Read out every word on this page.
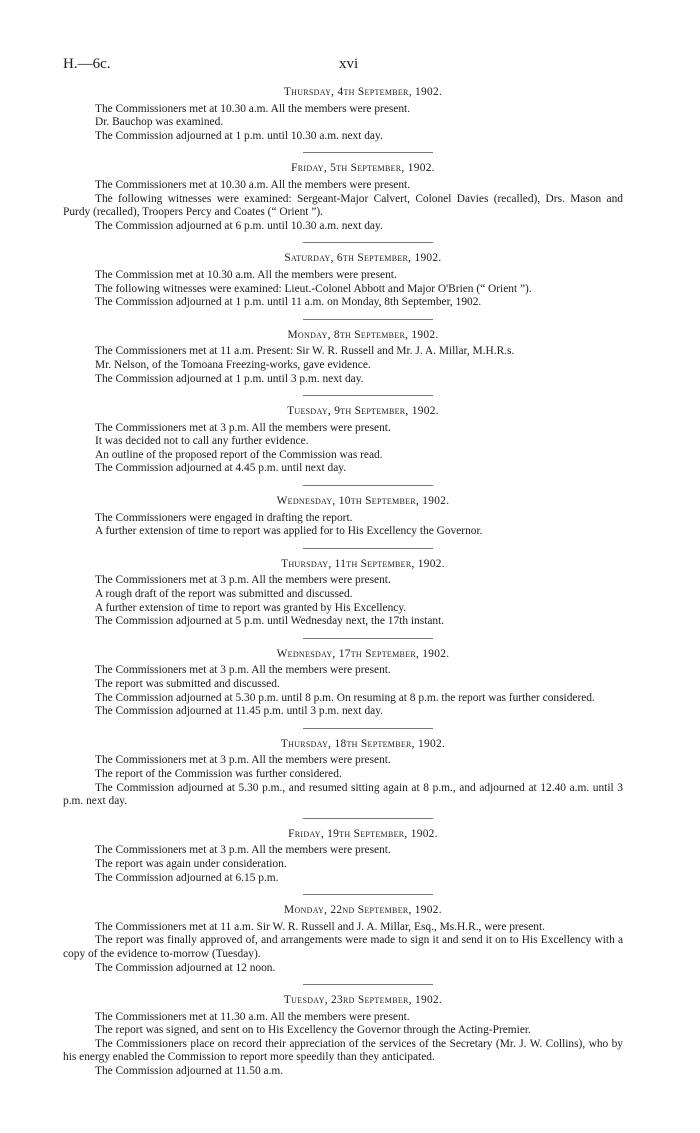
H.—6c.	xvi
Thursday, 4th September, 1902.

The Commissioners met at 10.30 a.m. All the members were present.

Dr. Bauchop was examined.

The Commission adjourned at 1 p.m. until 10.30 a.m. next day.

Friday, 5th September, 1902.

The Commissioners met at 10.30 a.m. All the members were present.

The following witnesses were examined: Sergeant-Major Calvert, Colonel Davies (recalled), Drs. Mason and Purdy (recalled), Troopers Percy and Coates (“ Orient ”).

The Commission adjourned at 6 p.m. until 10.30 a.m. next day.

Saturday, 6th September, 1902.

The Commission met at 10.30 a.m. All the members were present.

The following witnesses were examined: Lieut.-Colonel Abbott and Major O'Brien (“ Orient ”).

The Commission adjourned at 1 p.m. until 11 a.m. on Monday, 8th September, 1902.

Monday, 8th September, 1902.

The Commissioners met at 11 a.m. Present: Sir W. R. Russell and Mr. J. A. Millar, M.H.R.s.

Mr. Nelson, of the Tomoana Freezing-works, gave evidence.

The Commission adjourned at 1 p.m. until 3 p.m. next day.

Tuesday, 9th September, 1902.

The Commissioners met at 3 p.m. All the members were present.

It was decided not to call any further evidence.

An outline of the proposed report of the Commission was read.

The Commission adjourned at 4.45 p.m. until next day.

Wednesday, 10th September, 1902.

The Commissioners were engaged in drafting the report.

A further extension of time to report was applied for to His Excellency the Governor.

Thursday, 11th September, 1902.

The Commissioners met at 3 p.m. All the members were present.

A rough draft of the report was submitted and discussed.

A further extension of time to report was granted by His Excellency.

The Commission adjourned at 5 p.m. until Wednesday next, the 17th instant.

Wednesday, 17th September, 1902.

The Commissioners met at 3 p.m. All the members were present.

The report was submitted and discussed.

The Commission adjourned at 5.30 p.m. until 8 p.m. On resuming at 8 p.m. the report was further considered.

The Commission adjourned at 11.45 p.m. until 3 p.m. next day.

Thursday, 18th September, 1902.

The Commissioners met at 3 p.m. All the members were present.

The report of the Commission was further considered.

The Commission adjourned at 5.30 p.m., and resumed sitting again at 8 p.m., and adjourned at 12.40 a.m. until 3 p.m. next day.

Friday, 19th September, 1902.

The Commissioners met at 3 p.m. All the members were present.

The report was again under consideration.

The Commission adjourned at 6.15 p.m.

Monday, 22nd September, 1902.

The Commissioners met at 11 a.m. Sir W. R. Russell and J. A. Millar, Esq., Ms.H.R., were present.

The report was finally approved of, and arrangements were made to sign it and send it on to His Excellency with a copy of the evidence to-morrow (Tuesday).

The Commission adjourned at 12 noon.

Tuesday, 23rd September, 1902.

The Commissioners met at 11.30 a.m. All the members were present.

The report was signed, and sent on to His Excellency the Governor through the Acting-Premier.

The Commissioners place on record their appreciation of the services of the Secretary (Mr. J. W. Collins), who by his energy enabled the Commission to report more speedily than they anticipated.

The Commission adjourned at 11.50 a.m.
